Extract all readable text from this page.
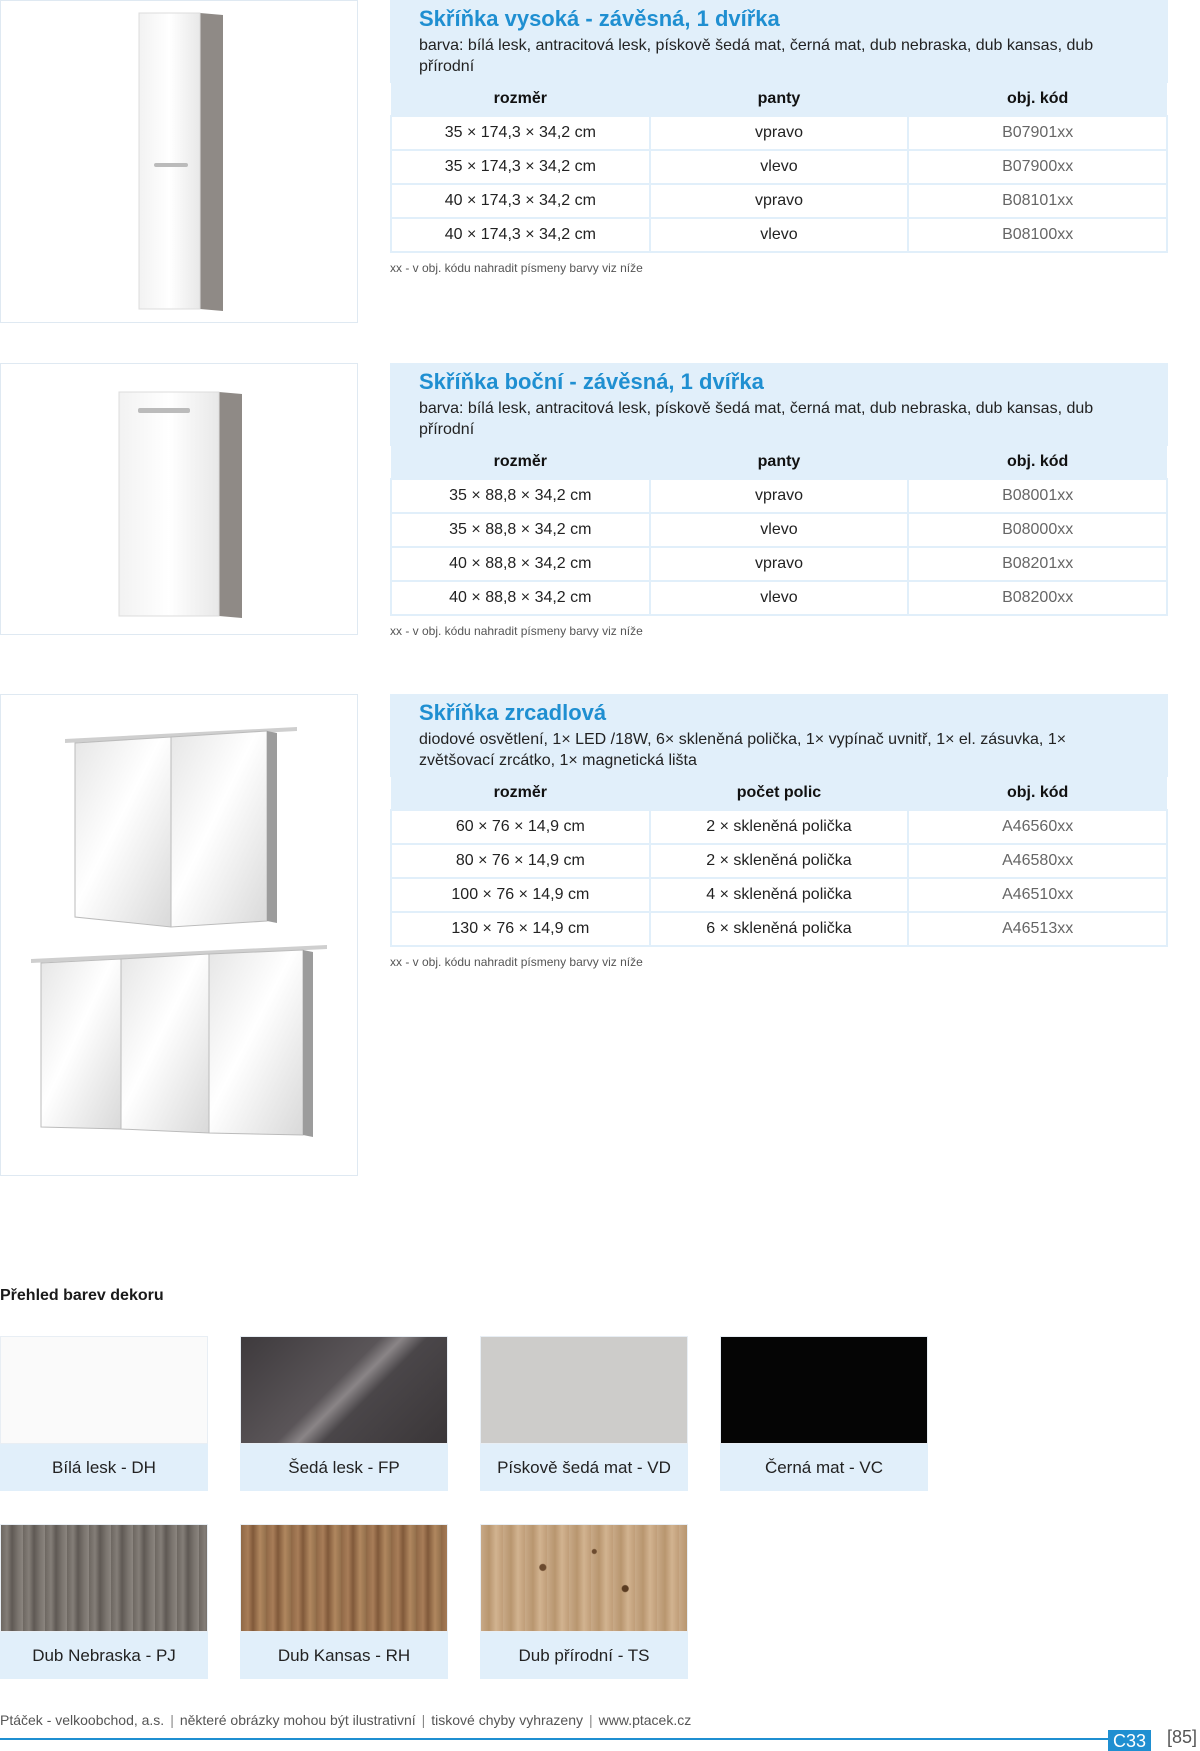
Skříňka vysoká - závěsná, 1 dvířka
barva: bílá lesk, antracitová lesk, pískově šedá mat, černá mat, dub nebraska, dub kansas, dub přírodní
rozměr	panty	obj. kód
35 × 174,3 × 34,2 cm	vpravo	B07901xx
35 × 174,3 × 34,2 cm	vlevo	B07900xx
40 × 174,3 × 34,2 cm	vpravo	B08101xx
40 × 174,3 × 34,2 cm	vlevo	B08100xx
xx - v obj. kódu nahradit písmeny barvy viz níže
Skříňka boční - závěsná, 1 dvířka
barva: bílá lesk, antracitová lesk, pískově šedá mat, černá mat, dub nebraska, dub kansas, dub přírodní
rozměr	panty	obj. kód
35 × 88,8 × 34,2 cm	vpravo	B08001xx
35 × 88,8 × 34,2 cm	vlevo	B08000xx
40 × 88,8 × 34,2 cm	vpravo	B08201xx
40 × 88,8 × 34,2 cm	vlevo	B08200xx
xx - v obj. kódu nahradit písmeny barvy viz níže
Skříňka zrcadlová
diodové osvětlení, 1× LED /18W, 6× skleněná polička, 1× vypínač uvnitř, 1× el. zásuvka, 1× zvětšovací zrcátko, 1× magnetická lišta
rozměr	počet polic	obj. kód
60 × 76 × 14,9 cm	2 × skleněná polička	A46560xx
80 × 76 × 14,9 cm	2 × skleněná polička	A46580xx
100 × 76 × 14,9 cm	4 × skleněná polička	A46510xx
130 × 76 × 14,9 cm	6 × skleněná polička	A46513xx
xx - v obj. kódu nahradit písmeny barvy viz níže
Přehled barev dekoru
Bílá lesk - DH	Šedá lesk - FP	Pískově šedá mat - VD	Černá mat - VC
Dub Nebraska - PJ	Dub Kansas - RH	Dub přírodní - TS
Ptáček - velkoobchod, a.s. | některé obrázky mohou být ilustrativní | tiskové chyby vyhrazeny | www.ptacek.cz
C33 [85]
